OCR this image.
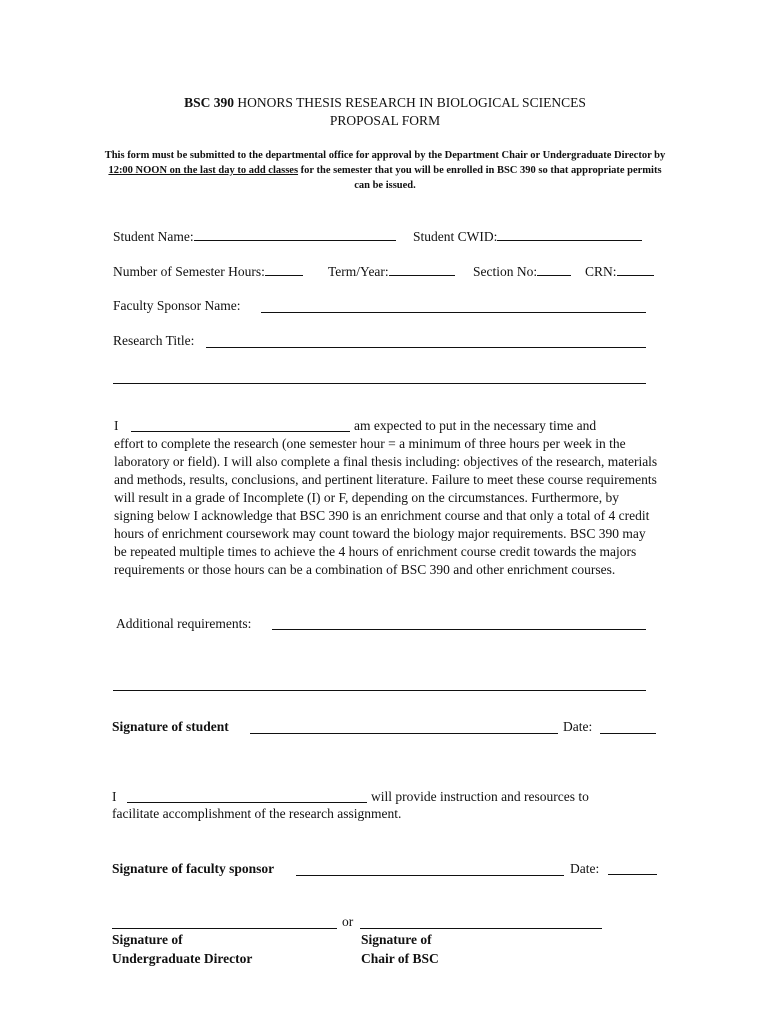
BSC 390 HONORS THESIS RESEARCH IN BIOLOGICAL SCIENCES
PROPOSAL FORM
This form must be submitted to the departmental office for approval by the Department Chair or Undergraduate Director by 12:00 NOON on the last day to add classes for the semester that you will be enrolled in BSC 390 so that appropriate permits can be issued.
Student Name:	Student CWID:
Number of Semester Hours:	Term/Year:	Section No:	CRN:
Faculty Sponsor Name:
Research Title:
I	am expected to put in the necessary time and
effort to complete the research (one semester hour = a minimum of three hours per week in the laboratory or field). I will also complete a final thesis including: objectives of the research, materials and methods, results, conclusions, and pertinent literature. Failure to meet these course requirements will result in a grade of Incomplete (I) or F, depending on the circumstances. Furthermore, by signing below I acknowledge that BSC 390 is an enrichment course and that only a total of 4 credit hours of enrichment coursework may count toward the biology major requirements. BSC 390 may be repeated multiple times to achieve the 4 hours of enrichment course credit towards the majors requirements or those hours can be a combination of BSC 390 and other enrichment courses.
Additional requirements:
Signature of student	Date:
I	will provide instruction and resources to
facilitate accomplishment of the research assignment.
Signature of faculty sponsor	Date:
or
Signature of
Undergraduate Director
Signature of
Chair of BSC
